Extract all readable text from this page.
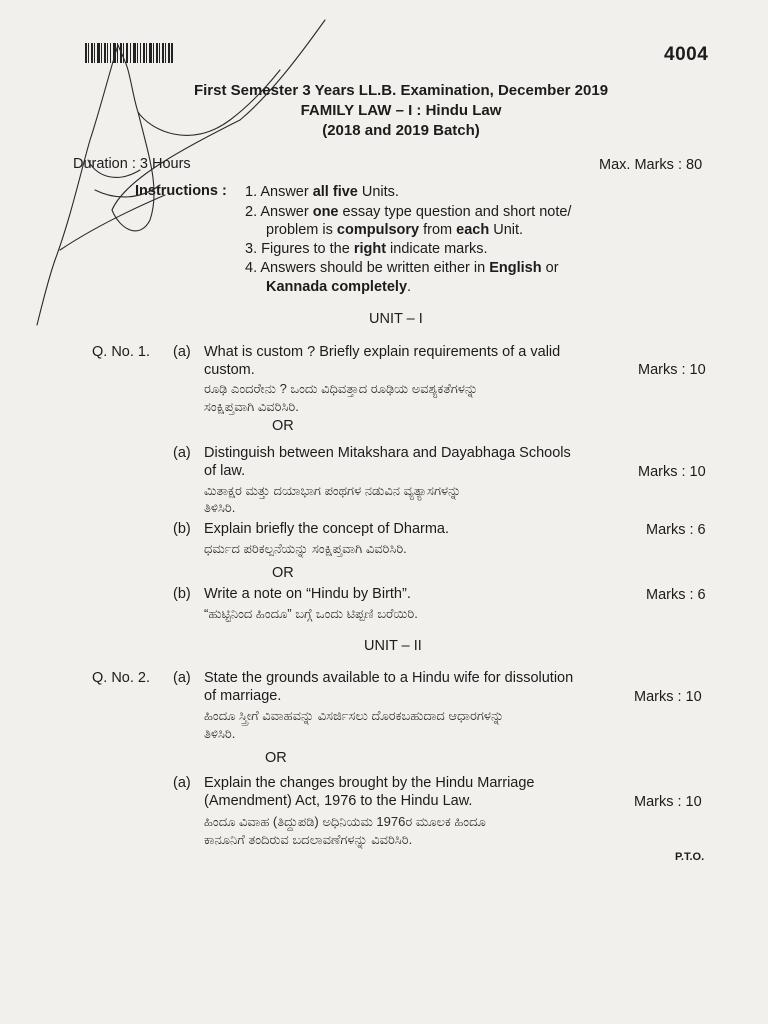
4004
First Semester 3 Years LL.B. Examination, December 2019
FAMILY LAW – I : Hindu Law
(2018 and 2019 Batch)
Duration : 3 Hours	Max. Marks : 80
Instructions : 1. Answer all five Units.
2. Answer one essay type question and short note/
problem is compulsory from each Unit.
3. Figures to the right indicate marks.
4. Answers should be written either in English or
Kannada completely.
UNIT – I
Q. No. 1. (a) What is custom ? Briefly explain requirements of a valid
custom.	Marks : 10
ರೂಢಿ ಎಂದರೇನು ? ಒಂದು ವಿಧಿವತ್ತಾದ ರೂಢಿಯ ಅವಶ್ಯಕತೆಗಳನ್ನು
ಸಂಕ್ಷಿಪ್ತವಾಗಿ ವಿವರಿಸಿರಿ.
OR
(a) Distinguish between Mitakshara and Dayabhaga Schools
of law.	Marks : 10
ಮಿತಾಕ್ಷರ ಮತ್ತು ದಯಾಭಾಗ ಪಂಥಗಳ ನಡುವಿನ ವ್ಯತ್ಯಾಸಗಳನ್ನು
ತಿಳಿಸಿರಿ.
(b) Explain briefly the concept of Dharma.	Marks : 6
ಧರ್ಮದ ಪರಿಕಲ್ಪನೆಯನ್ನು ಸಂಕ್ಷಿಪ್ತವಾಗಿ ವಿವರಿಸಿರಿ.
OR
(b) Write a note on “Hindu by Birth”.	Marks : 6
“ಹುಟ್ಟಿನಿಂದ ಹಿಂದೂ” ಬಗ್ಗೆ ಒಂದು ಟಿಪ್ಪಣಿ ಬರೆಯಿರಿ.
UNIT – II
Q. No. 2. (a) State the grounds available to a Hindu wife for dissolution
of marriage.	Marks : 10
ಹಿಂದೂ ಸ್ತ್ರೀಗೆ ವಿವಾಹವನ್ನು ವಿಸರ್ಜಿಸಲು ದೊರಕಬಹುದಾದ ಆಧಾರಗಳನ್ನು
ತಿಳಿಸಿರಿ.
OR
(a) Explain the changes brought by the Hindu Marriage
(Amendment) Act, 1976 to the Hindu Law.	Marks : 10
ಹಿಂದೂ ವಿವಾಹ (ತಿದ್ದುಪಡಿ) ಅಧಿನಿಯಮ 1976ರ ಮೂಲಕ ಹಿಂದೂ
ಕಾನೂನಿಗೆ ತಂದಿರುವ ಬದಲಾವಣೆಗಳನ್ನು ವಿವರಿಸಿರಿ.
P.T.O.
